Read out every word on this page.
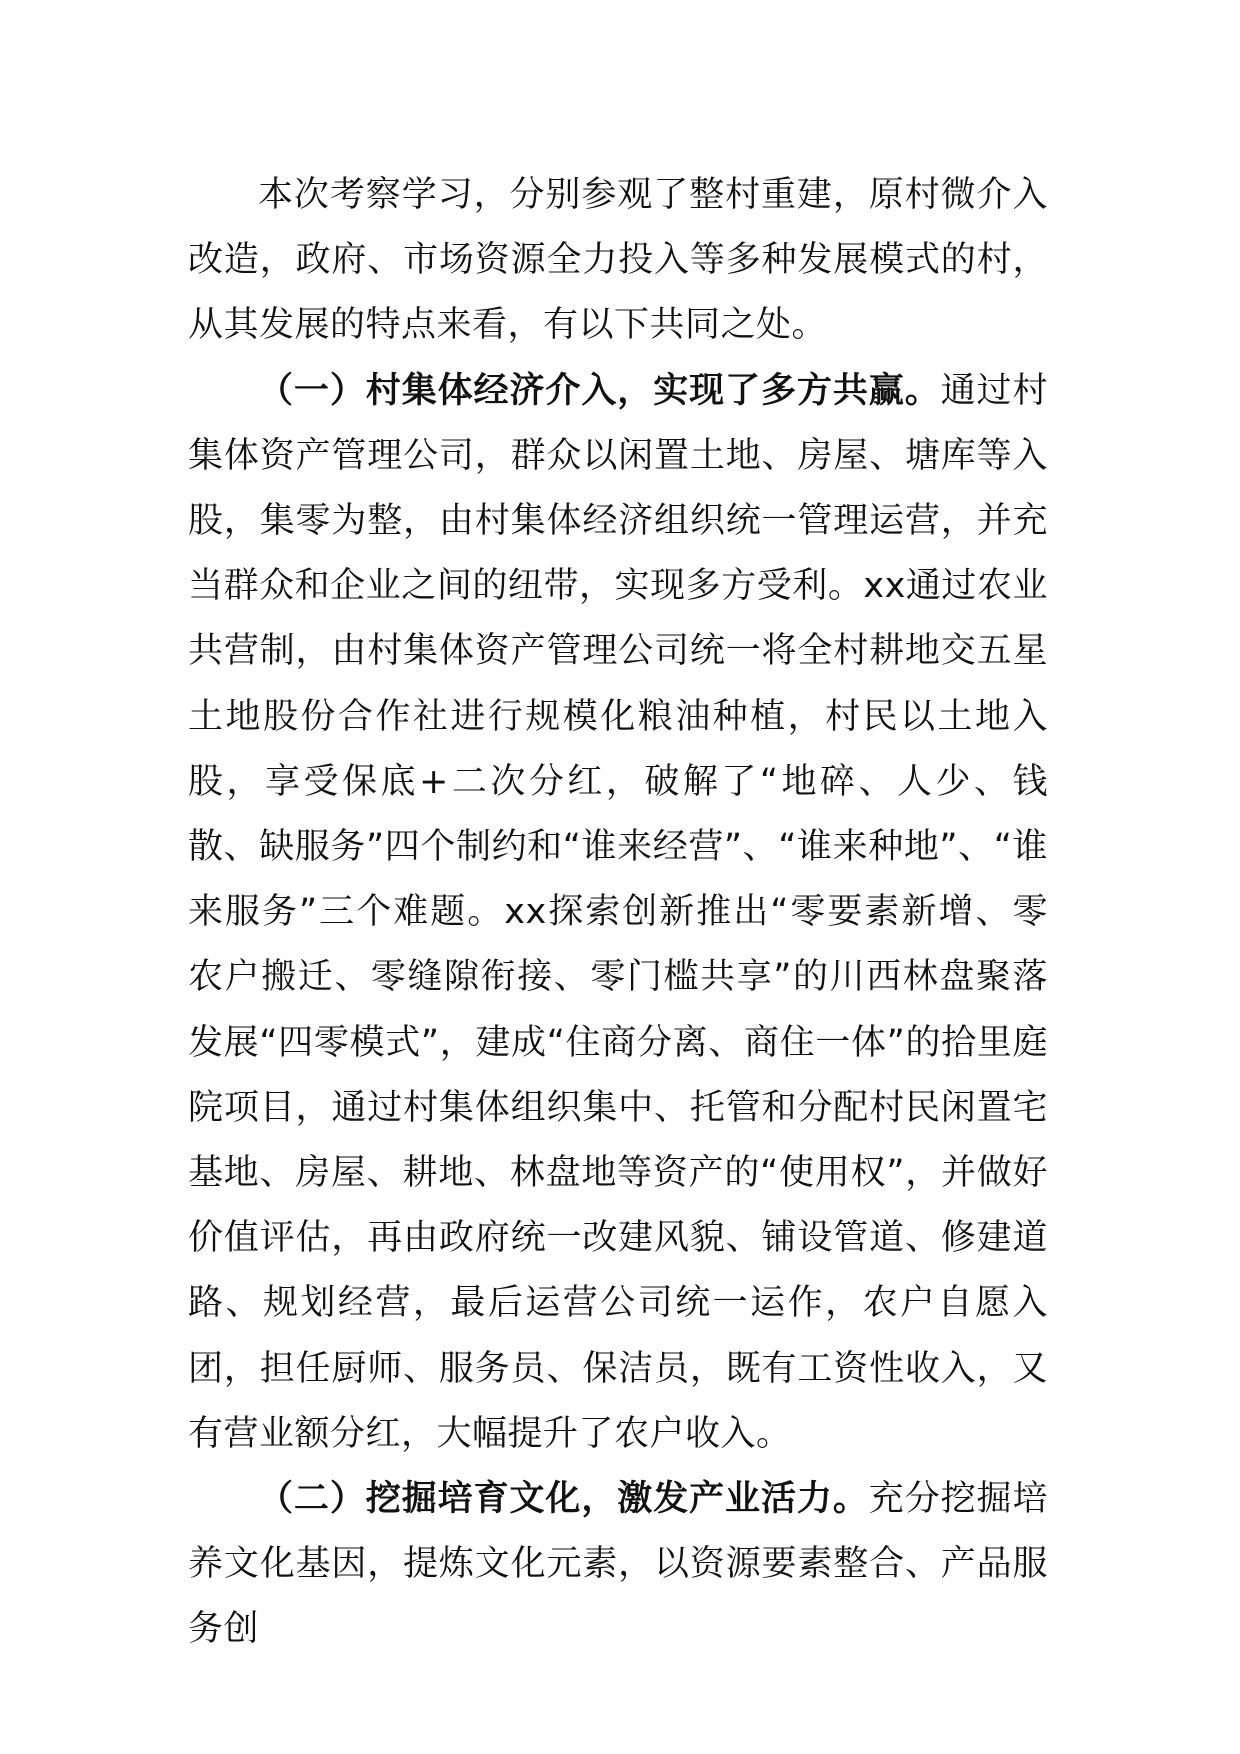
本次考察学习，分别参观了整村重建，原村微介入改造，政府、市场资源全力投入等多种发展模式的村，从其发展的特点来看，有以下共同之处。

（一）村集体经济介入，实现了多方共赢。通过村集体资产管理公司，群众以闲置土地、房屋、塘库等入股，集零为整，由村集体经济组织统一管理运营，并充当群众和企业之间的纽带，实现多方受利。xx通过农业共营制，由村集体资产管理公司统一将全村耕地交五星土地股份合作社进行规模化粮油种植，村民以土地入股，享受保底+二次分红，破解了“地碎、人少、钱散、缺服务”四个制约和“谁来经营”、“谁来种地”、“谁来服务”三个难题。xx探索创新推出“零要素新增、零农户搬迁、零缝隙衔接、零门槛共享”的川西林盘聚落发展“四零模式”，建成“住商分离、商住一体”的拾里庭院项目，通过村集体组织集中、托管和分配村民闲置宅基地、房屋、耕地、林盘地等资产的“使用权”，并做好价值评估，再由政府统一改建风貌、铺设管道、修建道路、规划经营，最后运营公司统一运作，农户自愿入团，担任厨师、服务员、保洁员，既有工资性收入，又有营业额分红，大幅提升了农户收入。

（二）挖掘培育文化，激发产业活力。充分挖掘培养文化基因，提炼文化元素，以资源要素整合、产品服务创
